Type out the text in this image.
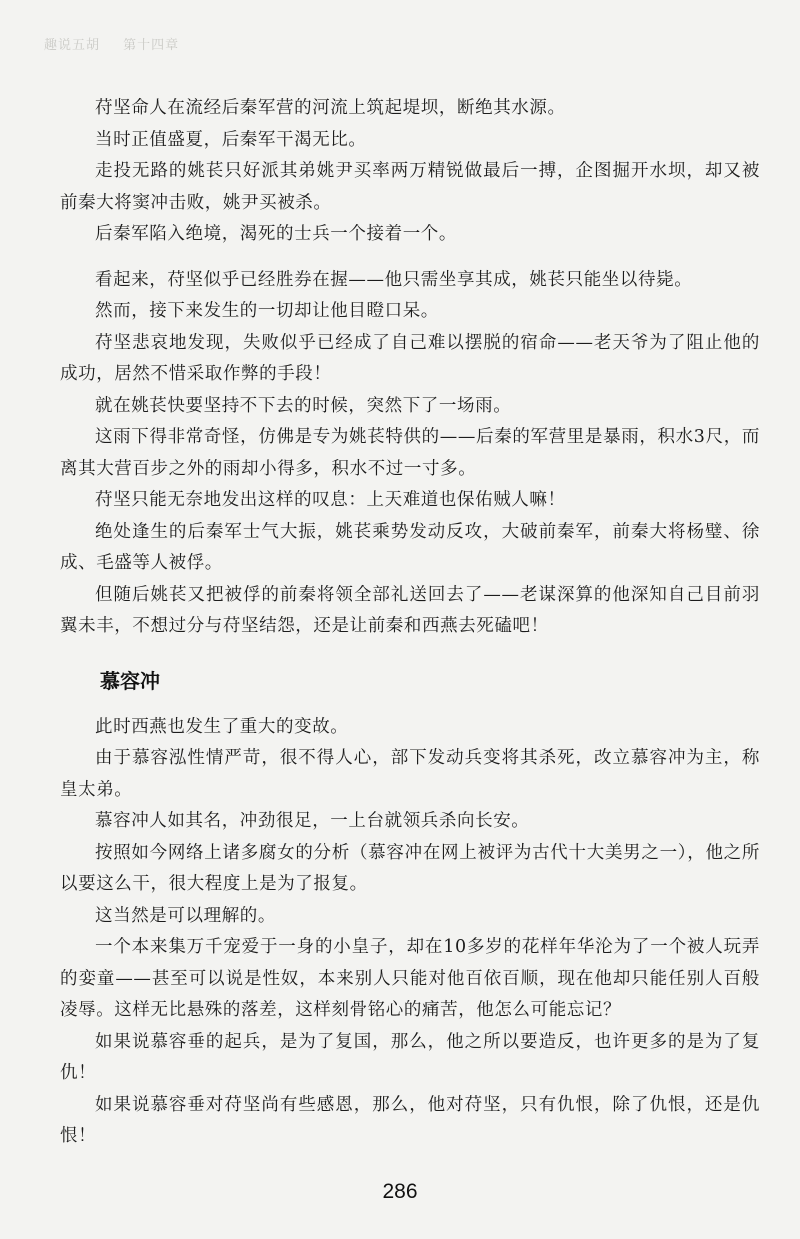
趣说五胡 第十四章

苻坚命人在流经后秦军营的河流上筑起堤坝，断绝其水源。

当时正值盛夏，后秦军干渴无比。

走投无路的姚苌只好派其弟姚尹买率两万精锐做最后一搏，企图掘开水坝，却又被前秦大将窦冲击败，姚尹买被杀。

后秦军陷入绝境，渴死的士兵一个接着一个。

看起来，苻坚似乎已经胜券在握——他只需坐享其成，姚苌只能坐以待毙。

然而，接下来发生的一切却让他目瞪口呆。

苻坚悲哀地发现，失败似乎已经成了自己难以摆脱的宿命——老天爷为了阻止他的成功，居然不惜采取作弊的手段！

就在姚苌快要坚持不下去的时候，突然下了一场雨。

这雨下得非常奇怪，仿佛是专为姚苌特供的——后秦的军营里是暴雨，积水3尺，而离其大营百步之外的雨却小得多，积水不过一寸多。

苻坚只能无奈地发出这样的叹息：上天难道也保佑贼人嘛！

绝处逢生的后秦军士气大振，姚苌乘势发动反攻，大破前秦军，前秦大将杨璧、徐成、毛盛等人被俘。

但随后姚苌又把被俘的前秦将领全部礼送回去了——老谋深算的他深知自己目前羽翼未丰，不想过分与苻坚结怨，还是让前秦和西燕去死磕吧！

慕容冲

此时西燕也发生了重大的变故。

由于慕容泓性情严苛，很不得人心，部下发动兵变将其杀死，改立慕容冲为主，称皇太弟。

慕容冲人如其名，冲劲很足，一上台就领兵杀向长安。

按照如今网络上诸多腐女的分析（慕容冲在网上被评为古代十大美男之一），他之所以要这么干，很大程度上是为了报复。

这当然是可以理解的。

一个本来集万千宠爱于一身的小皇子，却在10多岁的花样年华沦为了一个被人玩弄的娈童——甚至可以说是性奴，本来别人只能对他百依百顺，现在他却只能任别人百般凌辱。这样无比悬殊的落差，这样刻骨铭心的痛苦，他怎么可能忘记？

如果说慕容垂的起兵，是为了复国，那么，他之所以要造反，也许更多的是为了复仇！

如果说慕容垂对苻坚尚有些感恩，那么，他对苻坚，只有仇恨，除了仇恨，还是仇恨！

286
